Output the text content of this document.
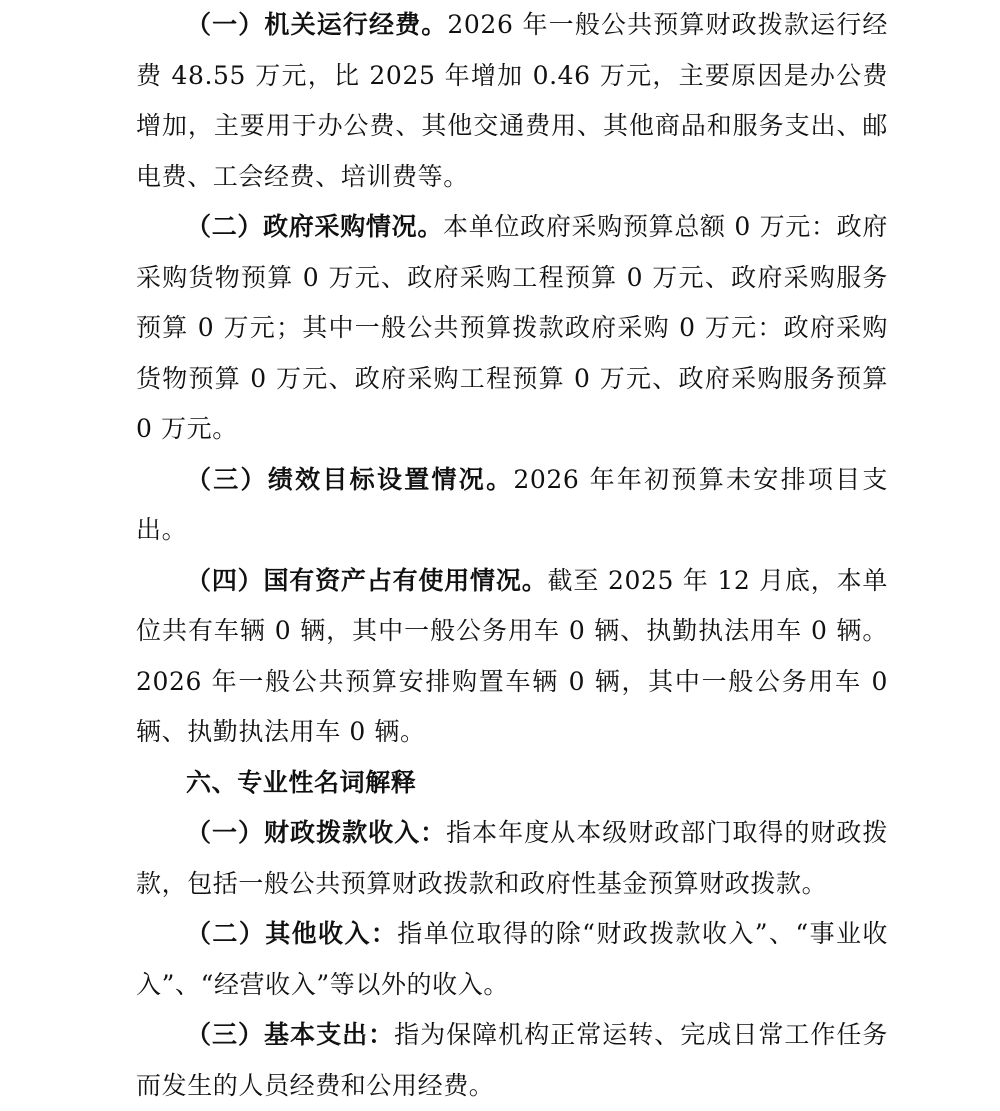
（一）机关运行经费。2026 年一般公共预算财政拨款运行经费 48.55 万元，比 2025 年增加 0.46 万元，主要原因是办公费增加，主要用于办公费、其他交通费用、其他商品和服务支出、邮电费、工会经费、培训费等。

（二）政府采购情况。本单位政府采购预算总额 0 万元：政府采购货物预算 0 万元、政府采购工程预算 0 万元、政府采购服务预算 0 万元；其中一般公共预算拨款政府采购 0 万元：政府采购货物预算 0 万元、政府采购工程预算 0 万元、政府采购服务预算 0 万元。

（三）绩效目标设置情况。2026 年年初预算未安排项目支出。

（四）国有资产占有使用情况。截至 2025 年 12 月底，本单位共有车辆 0 辆，其中一般公务用车 0 辆、执勤执法用车 0 辆。2026 年一般公共预算安排购置车辆 0 辆，其中一般公务用车 0 辆、执勤执法用车 0 辆。

六、专业性名词解释

（一）财政拨款收入：指本年度从本级财政部门取得的财政拨款，包括一般公共预算财政拨款和政府性基金预算财政拨款。

（二）其他收入：指单位取得的除“财政拨款收入”、“事业收入”、“经营收入”等以外的收入。

（三）基本支出：指为保障机构正常运转、完成日常工作任务而发生的人员经费和公用经费。
